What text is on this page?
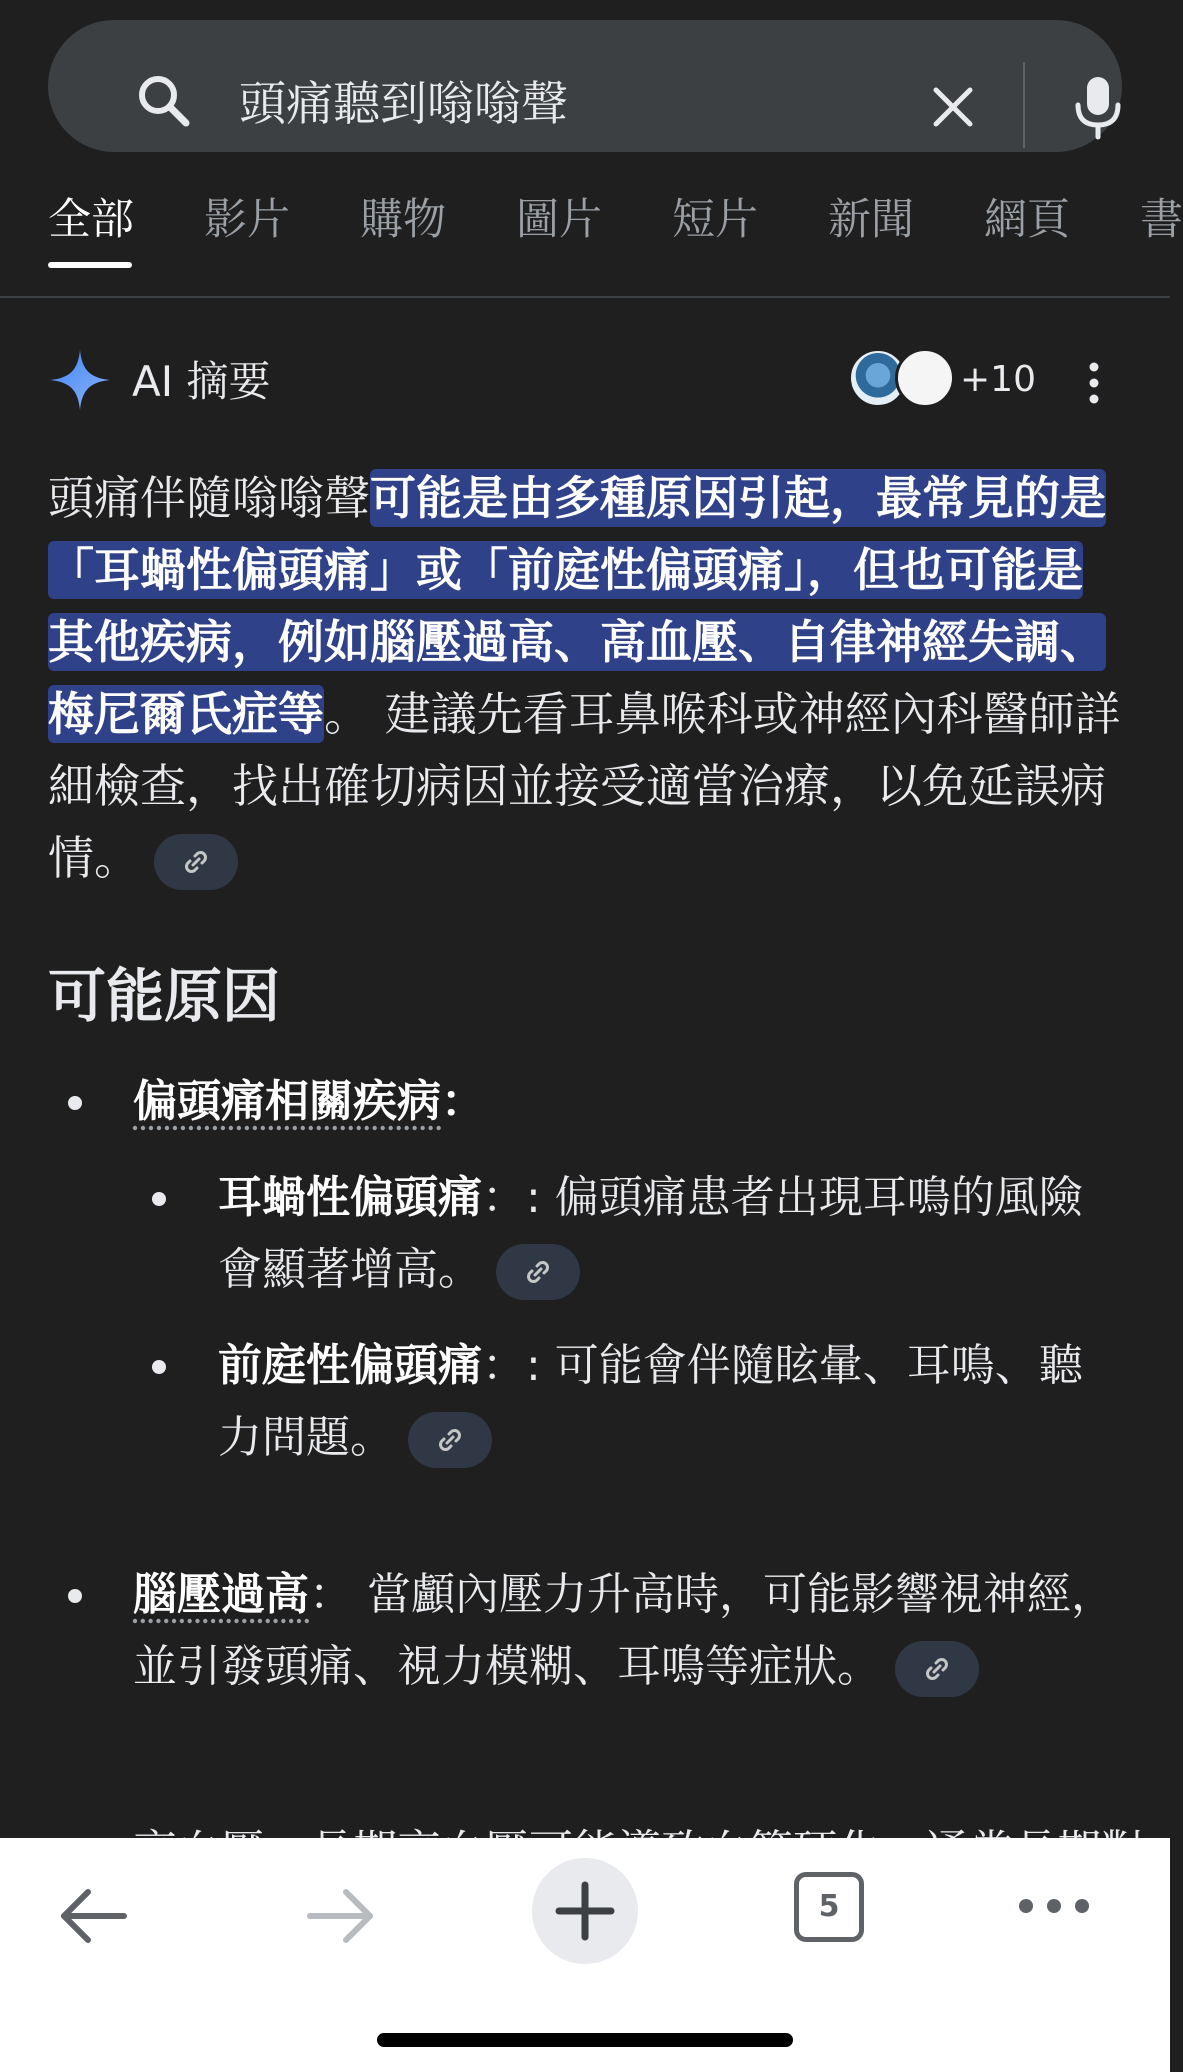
頭痛聽到嗡嗡聲
全部 影片 購物 圖片 短片 新聞 網頁 書
AI 摘要	+10
頭痛伴隨嗡嗡聲可能是由多種原因引起，最常見的是「耳蝸性偏頭痛」或「前庭性偏頭痛」，但也可能是其他疾病，例如腦壓過高、高血壓、自律神經失調、梅尼爾氏症等。 建議先看耳鼻喉科或神經內科醫師詳細檢查，找出確切病因並接受適當治療，以免延誤病情。
可能原因
偏頭痛相關疾病：
耳蝸性偏頭痛：: 偏頭痛患者出現耳鳴的風險會顯著增高。
前庭性偏頭痛：: 可能會伴隨眩暈、耳鳴、聽力問題。
腦壓過高： 當顱內壓力升高時，可能影響視神經，並引發頭痛、視力模糊、耳鳴等症狀。
5
